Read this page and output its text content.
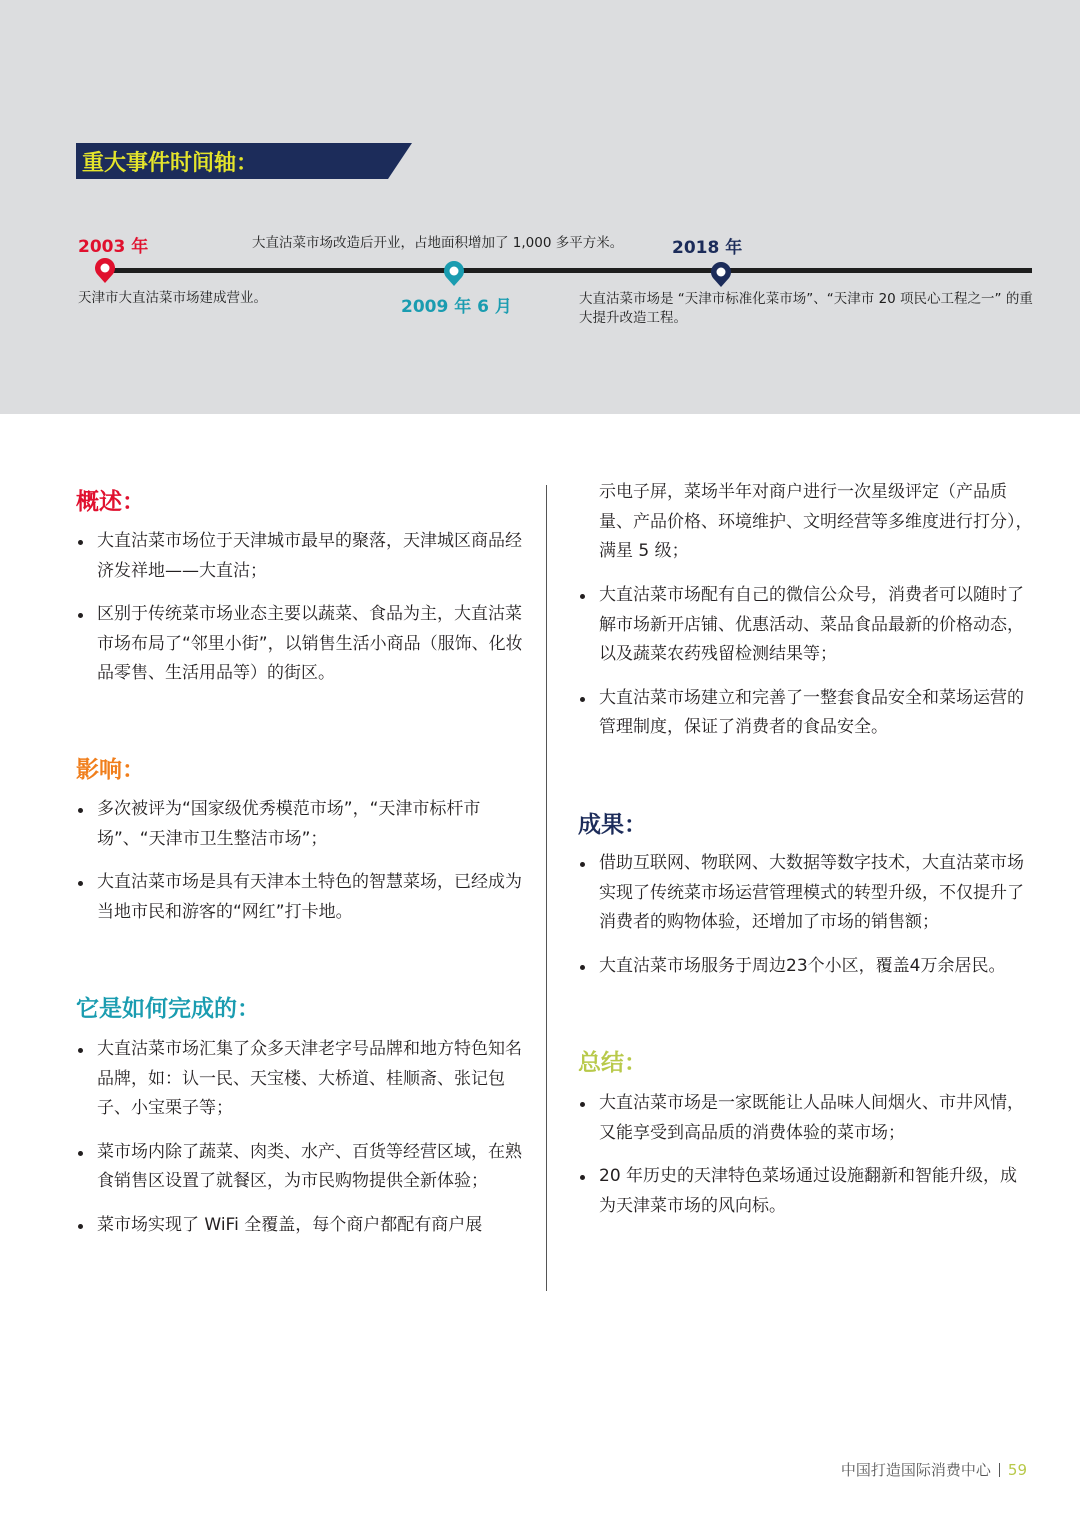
重大事件时间轴：
2003 年
天津市大直沽菜市场建成营业。
大直沽菜市场改造后开业，占地面积增加了 1,000 多平方米。
2009 年 6 月
2018 年
大直沽菜市场是 “天津市标准化菜市场”、“天津市 20 项民心工程之一” 的重大提升改造工程。
概述：
大直沽菜市场位于天津城市最早的聚落，天津城区商品经济发祥地——大直沽；
区别于传统菜市场业态主要以蔬菜、食品为主，大直沽菜市场布局了“邻里小街”，以销售生活小商品（服饰、化妆品零售、生活用品等）的街区。
影响：
多次被评为“国家级优秀模范市场”，“天津市标杆市场”、“天津市卫生整洁市场”；
大直沽菜市场是具有天津本土特色的智慧菜场，已经成为当地市民和游客的“网红”打卡地。
它是如何完成的：
大直沽菜市场汇集了众多天津老字号品牌和地方特色知名品牌，如：认一民、天宝楼、大桥道、桂顺斋、张记包子、小宝栗子等；
菜市场内除了蔬菜、肉类、水产、百货等经营区域，在熟食销售区设置了就餐区，为市民购物提供全新体验；
菜市场实现了 WiFi 全覆盖，每个商户都配有商户展
示电子屏，菜场半年对商户进行一次星级评定（产品质量、产品价格、环境维护、文明经营等多维度进行打分），满星 5 级；
大直沽菜市场配有自己的微信公众号，消费者可以随时了解市场新开店铺、优惠活动、菜品食品最新的价格动态，以及蔬菜农药残留检测结果等；
大直沽菜市场建立和完善了一整套食品安全和菜场运营的管理制度，保证了消费者的食品安全。
成果：
借助互联网、物联网、大数据等数字技术，大直沽菜市场实现了传统菜市场运营管理模式的转型升级，不仅提升了消费者的购物体验，还增加了市场的销售额；
大直沽菜市场服务于周边23个小区，覆盖4万余居民。
总结：
大直沽菜市场是一家既能让人品味人间烟火、市井风情，又能享受到高品质的消费体验的菜市场；
20 年历史的天津特色菜场通过设施翻新和智能升级，成为天津菜市场的风向标。
中国打造国际消费中心 59
